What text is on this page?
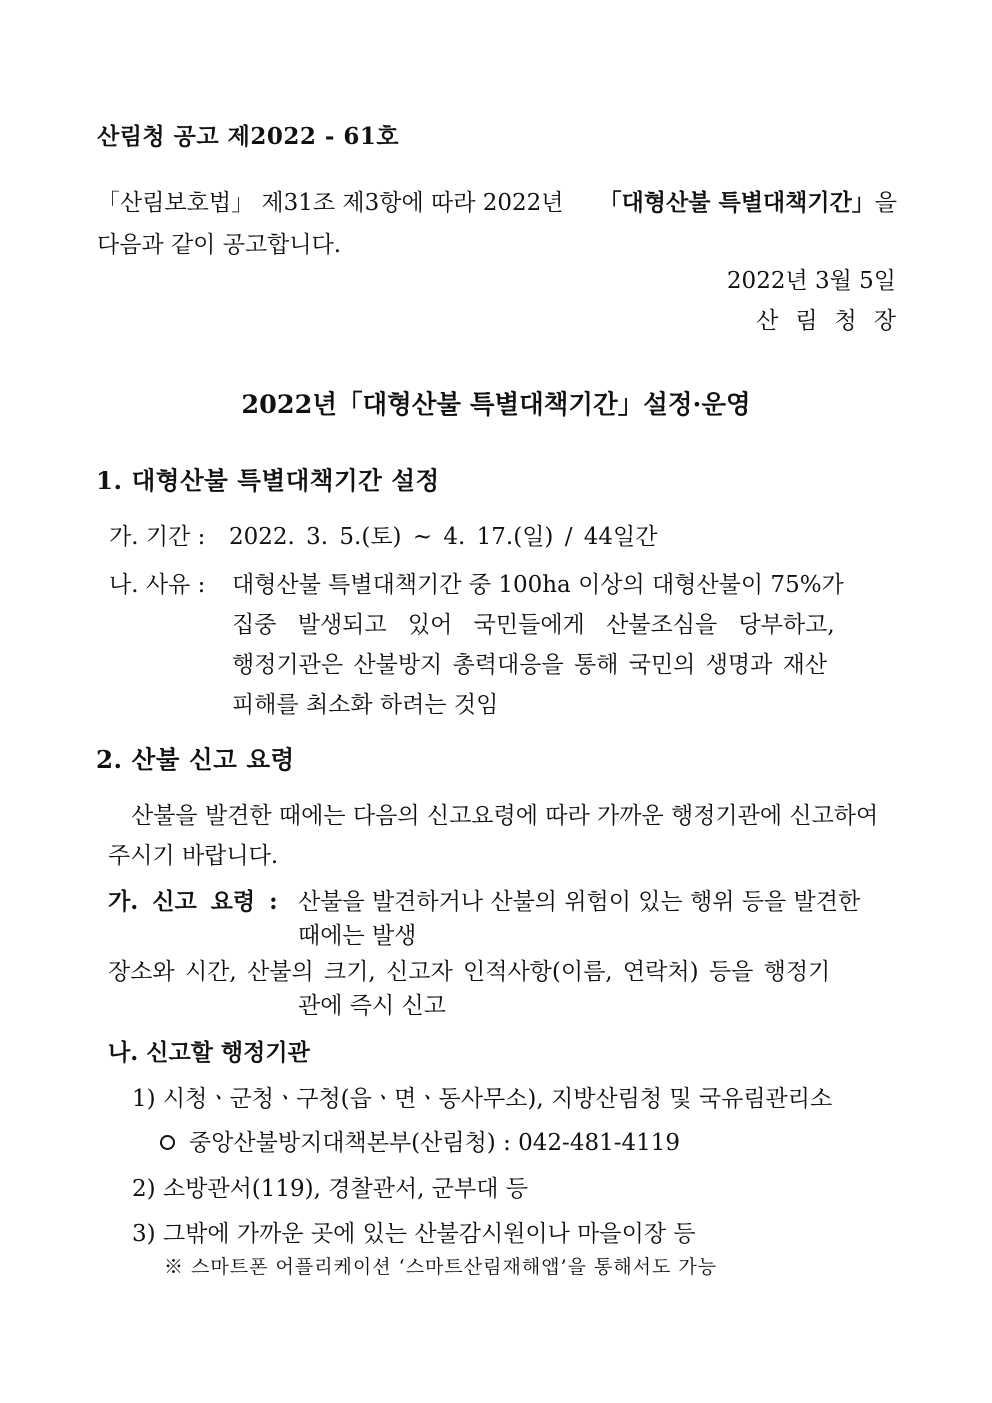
산림청 공고 제2022 - 61호
「산림보호법」 제31조 제3항에 따라 2022년 「대형산불 특별대책기간」을
다음과 같이 공고합니다.
2022년 3월 5일
산림청장
2022년「대형산불 특별대책기간」설정·운영
1. 대형산불 특별대책기간 설정
가. 기간 : 2022. 3. 5.(토) ~ 4. 17.(일) / 44일간
나. 사유 : 대형산불 특별대책기간 중 100ha 이상의 대형산불이 75%가
집중 발생되고 있어 국민들에게 산불조심을 당부하고,
행정기관은 산불방지 총력대응을 통해 국민의 생명과 재산
피해를 최소화 하려는 것임
2. 산불 신고 요령
산불을 발견한 때에는 다음의 신고요령에 따라 가까운 행정기관에 신고하여
주시기 바랍니다.
가. 신고 요령 : 산불을 발견하거나 산불의 위험이 있는 행위 등을 발견한
때에는 발생
장소와 시간, 산불의 크기, 신고자 인적사항(이름, 연락처) 등을 행정기
관에 즉시 신고
나. 신고할 행정기관
1) 시청ㆍ군청ㆍ구청(읍ㆍ면ㆍ동사무소), 지방산림청 및 국유림관리소
중앙산불방지대책본부(산림청) : 042-481-4119
2) 소방관서(119), 경찰관서, 군부대 등
3) 그밖에 가까운 곳에 있는 산불감시원이나 마을이장 등
※ 스마트폰 어플리케이션 ‘스마트산림재해앱’을 통해서도 가능
